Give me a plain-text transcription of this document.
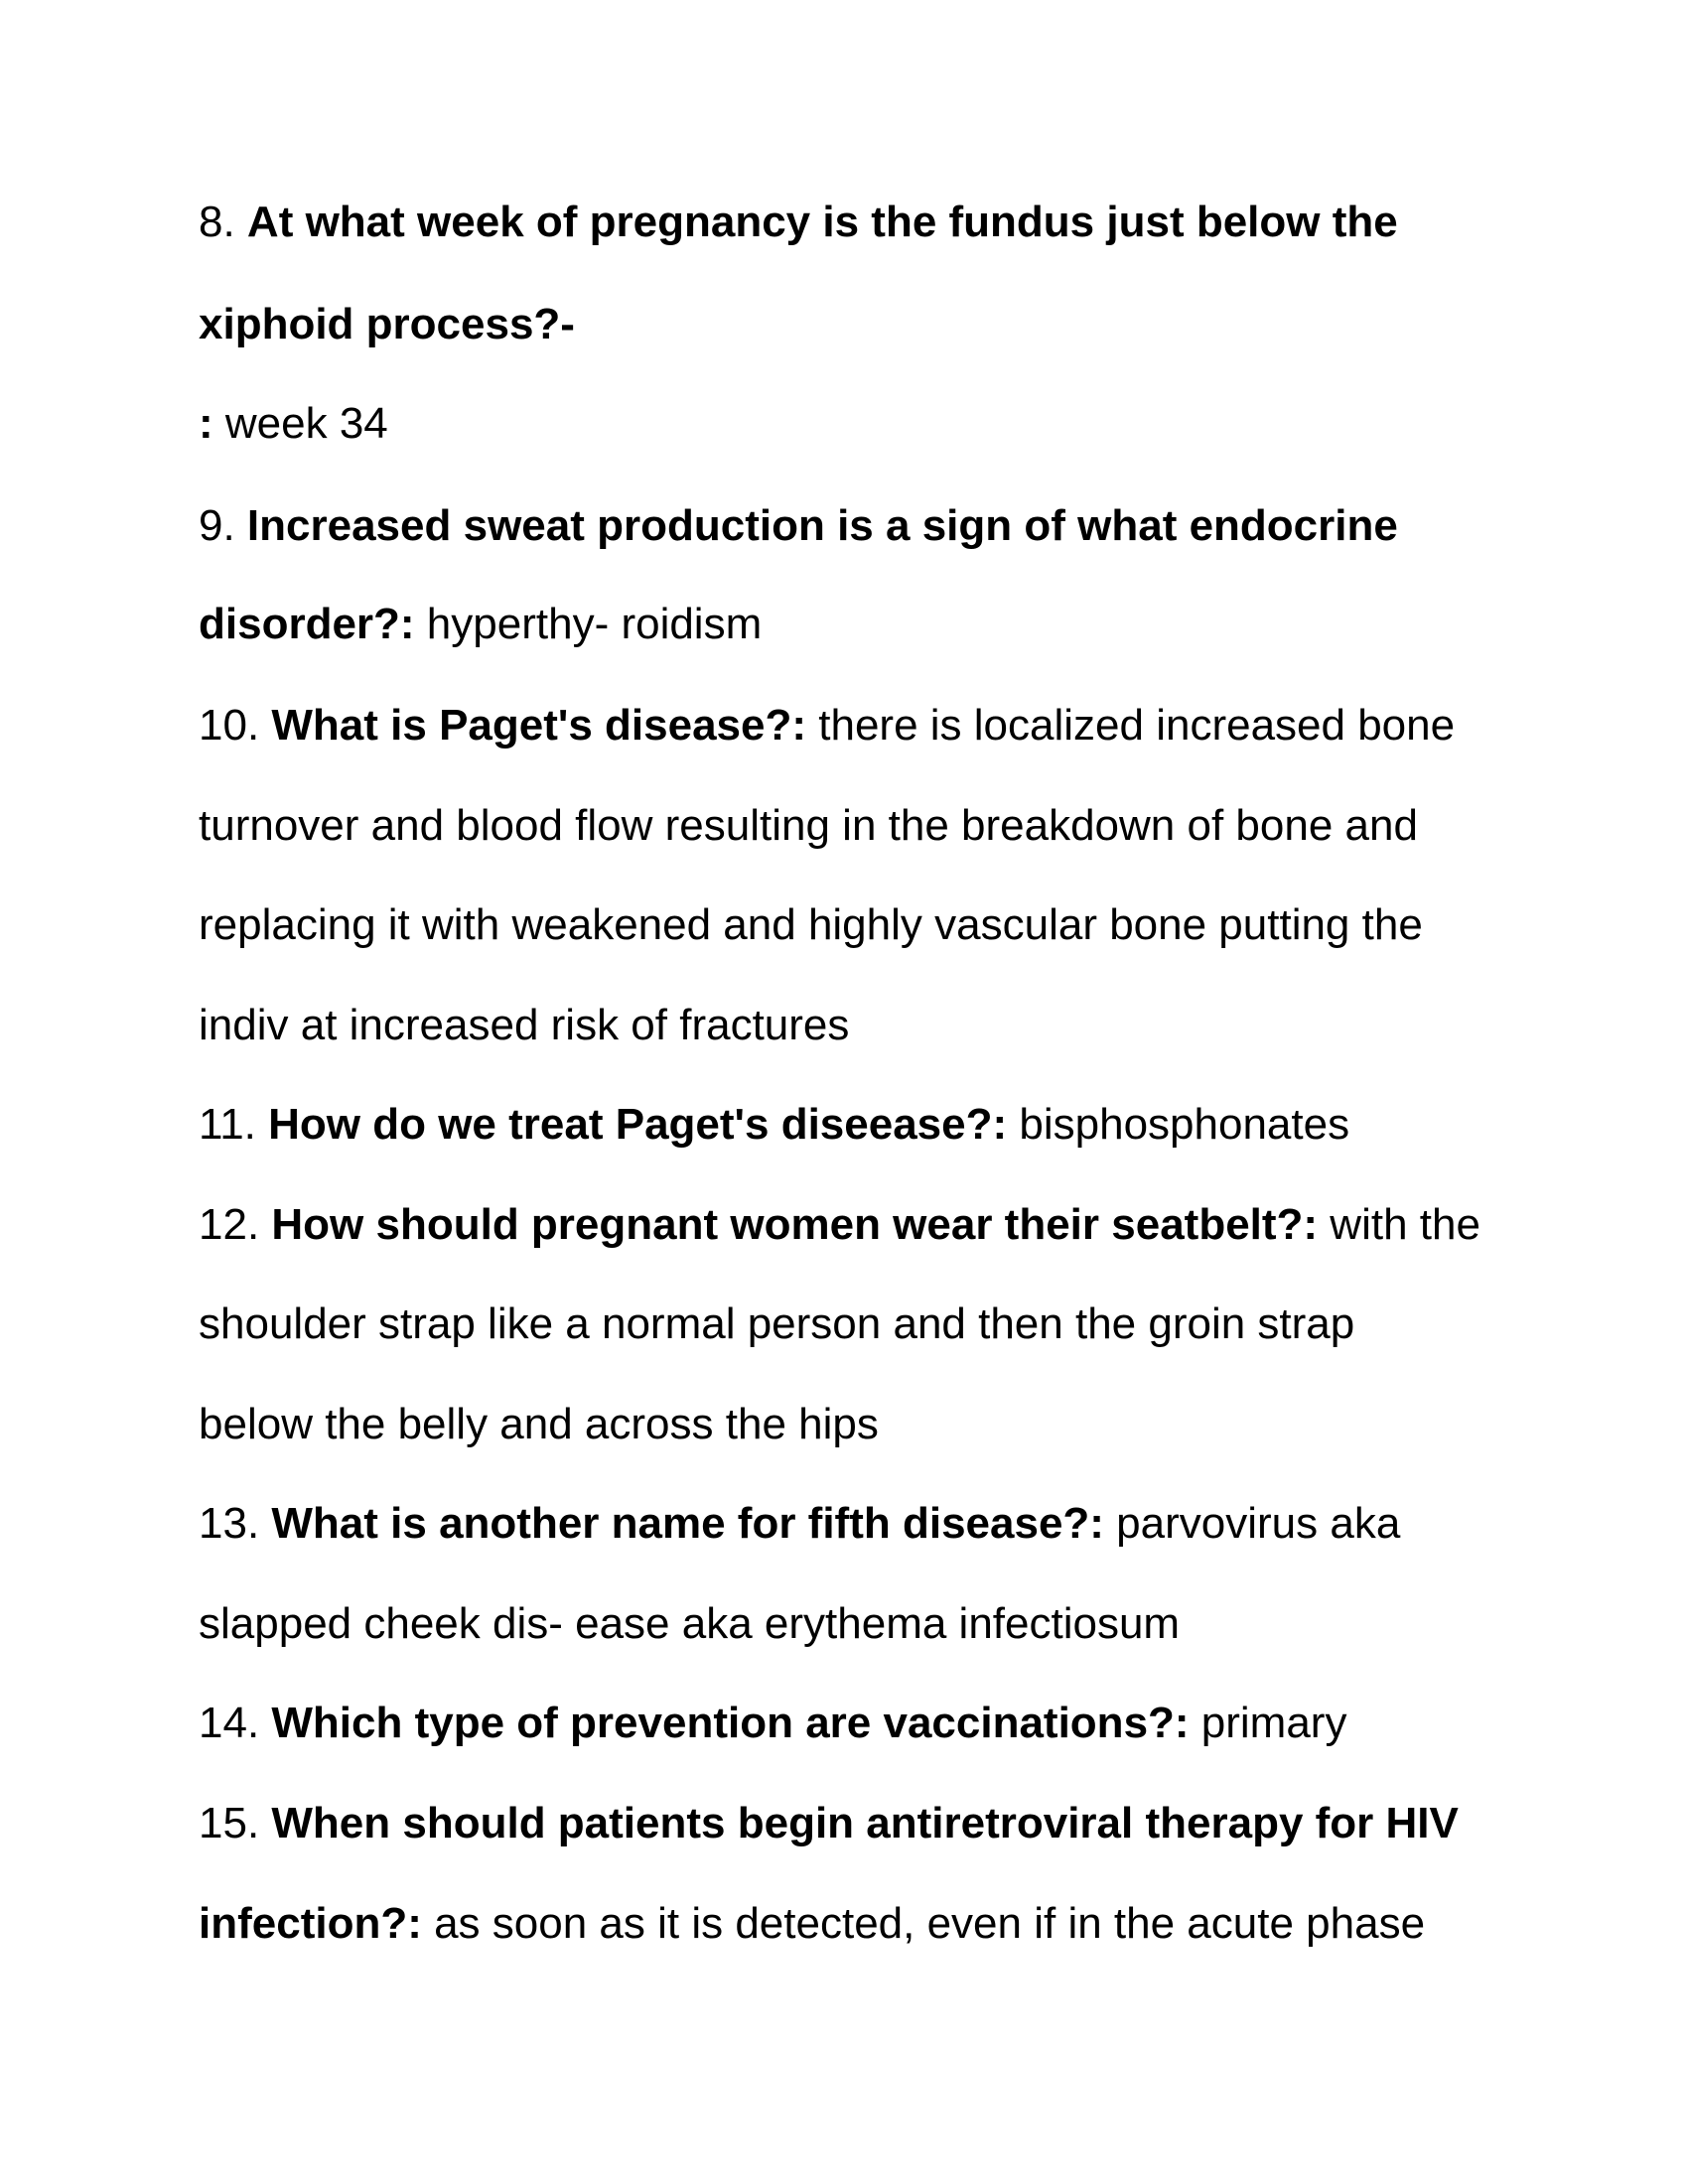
8. At what week of pregnancy is the fundus just below the
xiphoid process?-
: week 34
9. Increased sweat production is a sign of what endocrine
disorder?: hyperthy- roidism
10. What is Paget's disease?: there is localized increased bone
turnover and blood flow resulting in the breakdown of bone and
replacing it with weakened and highly vascular bone putting the
indiv at increased risk of fractures
11. How do we treat Paget's diseease?: bisphosphonates
12. How should pregnant women wear their seatbelt?: with the
shoulder strap like a normal person and then the groin strap
below the belly and across the hips
13. What is another name for fifth disease?: parvovirus aka
slapped cheek dis- ease aka erythema infectiosum
14. Which type of prevention are vaccinations?: primary
15. When should patients begin antiretroviral therapy for HIV
infection?: as soon as it is detected, even if in the acute phase
